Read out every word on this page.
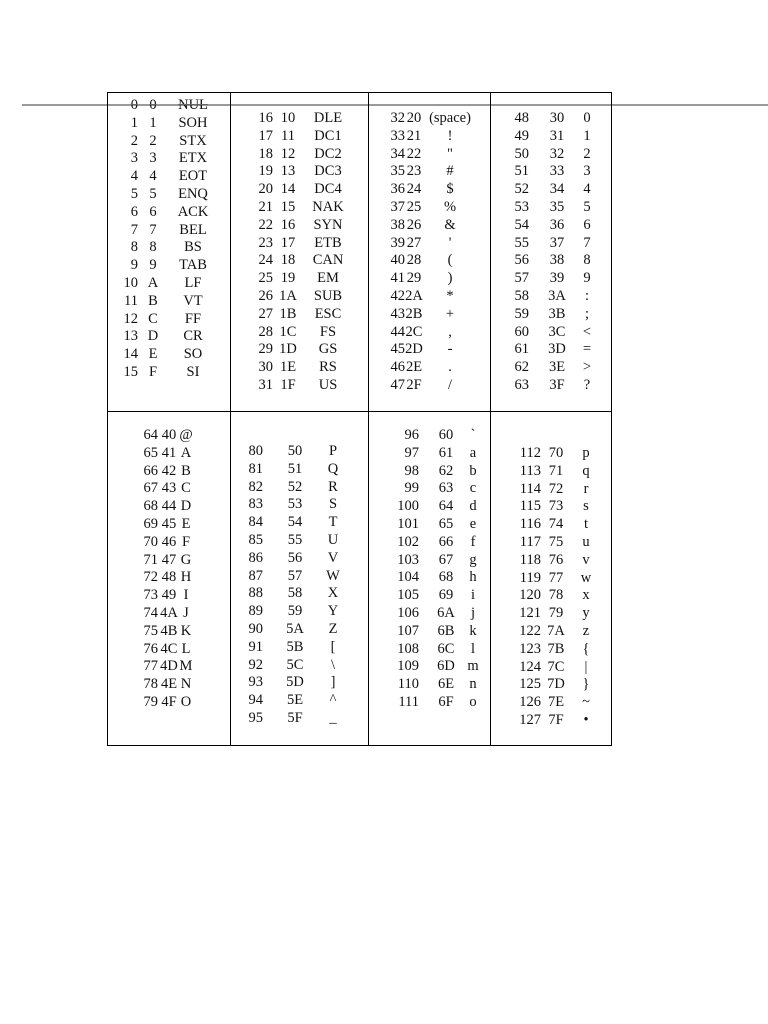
0 0	NUL
1 1	SOH
2 2	STX
3 3	ETX
4 4	EOT
5 5	ENQ
6 6	ACK
7 7	BEL
8 8	BS
9 9	TAB
10 A	LF
11 B	VT
12 C	FF
13 D	CR
14 E	SO
15 F	SI
16 10	DLE
17 11	DC1
18 12	DC2
19 13	DC3
20 14	DC4
21 15	NAK
22 16	SYN
23 17	ETB
24 18	CAN
25 19	EM
26 1A	SUB
27 1B	ESC
28 1C	FS
29 1D	GS
30 1E	RS
31 1F	US
32 20 (space)
33 21	!
34 22	"
35 23	#
36 24	$
37 25	%
38 26	&
39 27	'
40 28	(
41 29	)
42 2A	*
43 2B	+
44 2C	,
45 2D	-
46 2E	.
47 2F	/
48	30	0
49	31	1
50	32	2
51	33	3
52	34	4
53	35	5
54	36	6
55	37	7
56	38	8
57	39	9
58	3A	:
59	3B	;
60	3C	<
61	3D	=
62	3E	>
63	3F	?
64 40 @
65 41 A
66 42 B
67 43 C
68 44 D
69 45 E
70 46 F
71 47 G
72 48 H
73 49 I
74 4A J
75 4B K
76 4C L
77 4D M
78 4E N
79 4F O
80	50	P
81	51	Q
82	52	R
83	53	S
84	54	T
85	55	U
86	56	V
87	57	W
88	58	X
89	59	Y
90	5A	Z
91	5B	[
92	5C	\
93	5D	]
94	5E	^
95	5F	_
96	60	`
97	61	a
98	62	b
99	63	c
100	64	d
101	65	e
102	66	f
103	67	g
104	68	h
105	69	i
106	6A	j
107	6B	k
108	6C	l
109	6D m
110	6E	n
111	6F	o
112 70	p
113 71	q
114 72	r
115 73	s
116 74	t
117 75	u
118 76	v
119 77	w
120 78	x
121 79	y
122 7A z
123 7B	{
124 7C	|
125 7D }
126 7E	~
127 7F	•
